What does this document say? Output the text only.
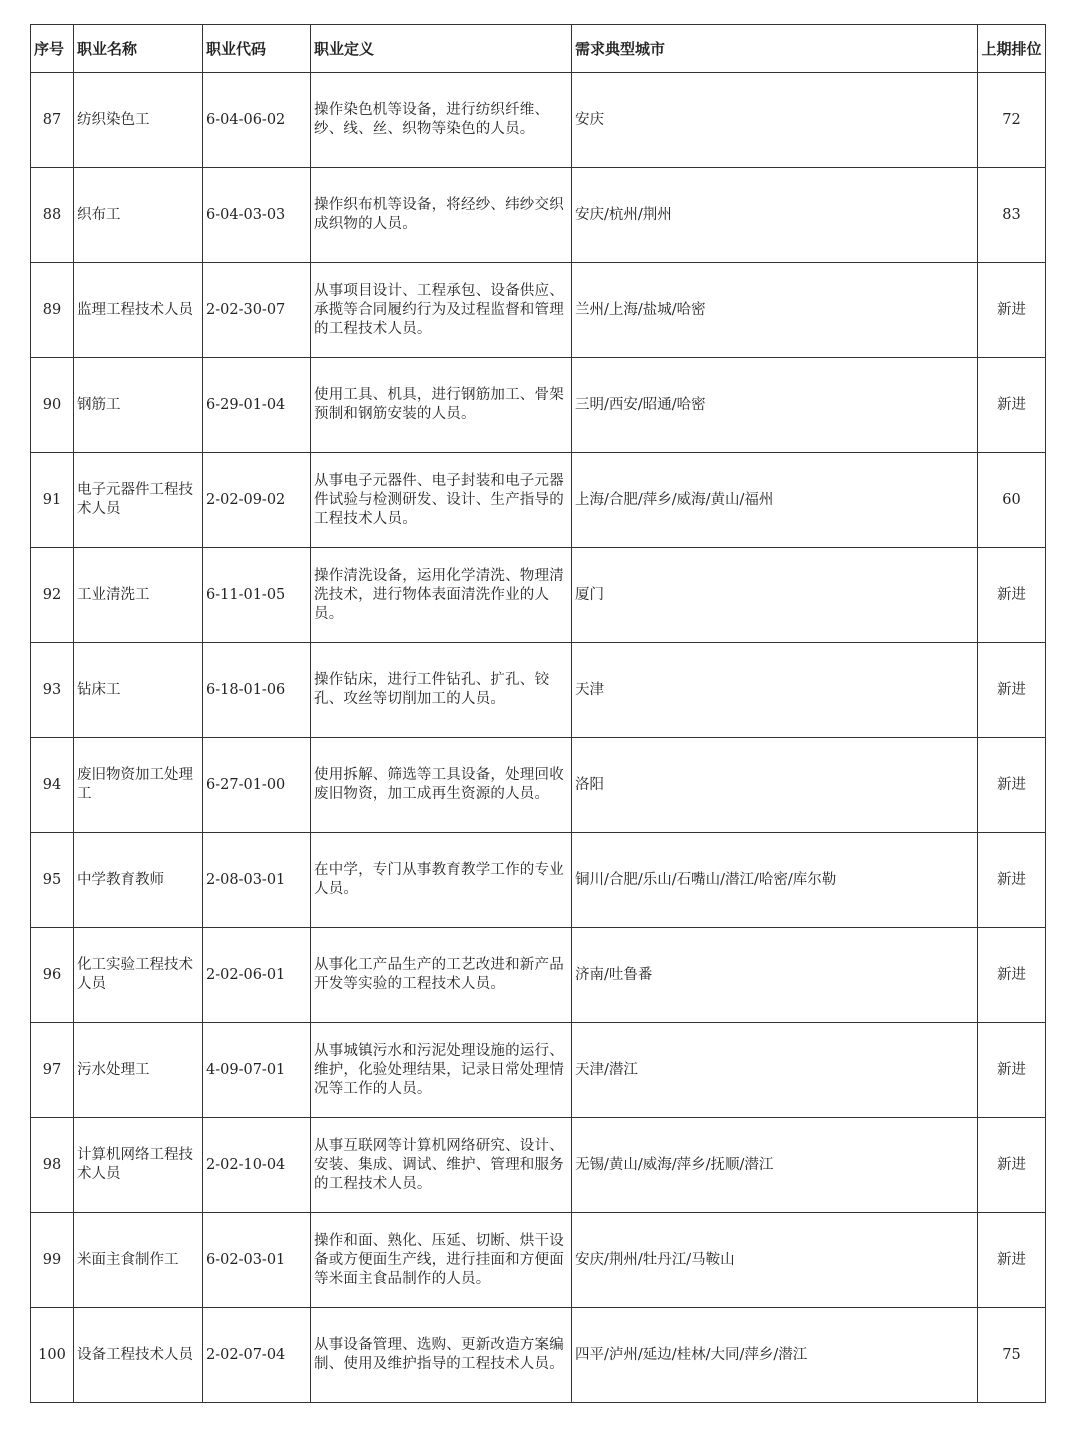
序号	职业名称	职业代码	职业定义	需求典型城市	上期排位
87	纺织染色工	6-04-06-02	操作染色机等设备，进行纺织纤维、纱、线、丝、织物等染色的人员。	安庆	72
88	织布工	6-04-03-03	操作织布机等设备，将经纱、纬纱交织成织物的人员。	安庆/杭州/荆州	83
89	监理工程技术人员	2-02-30-07	从事项目设计、工程承包、设备供应、承揽等合同履约行为及过程监督和管理的工程技术人员。	兰州/上海/盐城/哈密	新进
90	钢筋工	6-29-01-04	使用工具、机具，进行钢筋加工、骨架预制和钢筋安装的人员。	三明/西安/昭通/哈密	新进
91	电子元器件工程技术人员	2-02-09-02	从事电子元器件、电子封装和电子元器件试验与检测研发、设计、生产指导的工程技术人员。	上海/合肥/萍乡/威海/黄山/福州	60
92	工业清洗工	6-11-01-05	操作清洗设备，运用化学清洗、物理清洗技术，进行物体表面清洗作业的人员。	厦门	新进
93	钻床工	6-18-01-06	操作钻床，进行工件钻孔、扩孔、铰孔、攻丝等切削加工的人员。	天津	新进
94	废旧物资加工处理工	6-27-01-00	使用拆解、筛选等工具设备，处理回收废旧物资，加工成再生资源的人员。	洛阳	新进
95	中学教育教师	2-08-03-01	在中学，专门从事教育教学工作的专业人员。	铜川/合肥/乐山/石嘴山/潜江/哈密/库尔勒	新进
96	化工实验工程技术人员	2-02-06-01	从事化工产品生产的工艺改进和新产品开发等实验的工程技术人员。	济南/吐鲁番	新进
97	污水处理工	4-09-07-01	从事城镇污水和污泥处理设施的运行、维护，化验处理结果，记录日常处理情况等工作的人员。	天津/潜江	新进
98	计算机网络工程技术人员	2-02-10-04	从事互联网等计算机网络研究、设计、安装、集成、调试、维护、管理和服务的工程技术人员。	无锡/黄山/威海/萍乡/抚顺/潜江	新进
99	米面主食制作工	6-02-03-01	操作和面、熟化、压延、切断、烘干设备或方便面生产线，进行挂面和方便面等米面主食品制作的人员。	安庆/荆州/牡丹江/马鞍山	新进
100	设备工程技术人员	2-02-07-04	从事设备管理、选购、更新改造方案编制、使用及维护指导的工程技术人员。	四平/泸州/延边/桂林/大同/萍乡/潜江	75
